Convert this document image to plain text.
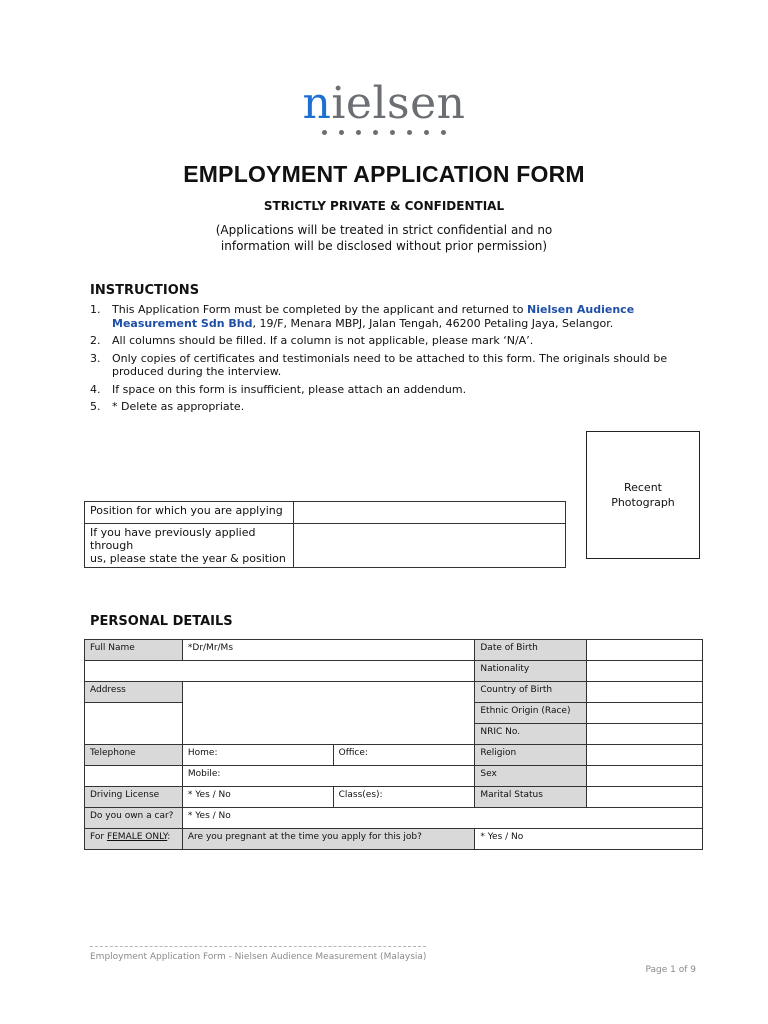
nielsen
EMPLOYMENT APPLICATION FORM
STRICTLY PRIVATE & CONFIDENTIAL
(Applications will be treated in strict confidential and no
information will be disclosed without prior permission)
INSTRUCTIONS
1.	This Application Form must be completed by the applicant and returned to Nielsen Audience Measurement Sdn Bhd, 19/F, Menara MBPJ, Jalan Tengah, 46200 Petaling Jaya, Selangor.
2.	All columns should be filled. If a column is not applicable, please mark ‘N/A’.
3.	Only copies of certificates and testimonials need to be attached to this form. The originals should be produced during the interview.
4.	If space on this form is insufficient, please attach an addendum.
5.	* Delete as appropriate.
Recent
Photograph
Position for which you are applying	

If you have previously applied through
us, please state the year & position	

PERSONAL DETAILS
Full Name	*Dr/Mr/Ms		Date of Birth	
			Nationality	
Address			Country of Birth	
			Ethnic Origin (Race)	
			NRIC No.	
Telephone	Home:	Office:	Religion	
	Mobile:		Sex	
Driving License	* Yes / No	Class(es):	Marital Status	
Do you own a car?	* Yes / No			
For FEMALE ONLY:	Are you pregnant at the time you apply for this job?		* Yes / No	
Employment Application Form - Nielsen Audience Measurement (Malaysia)
Page 1 of 9
